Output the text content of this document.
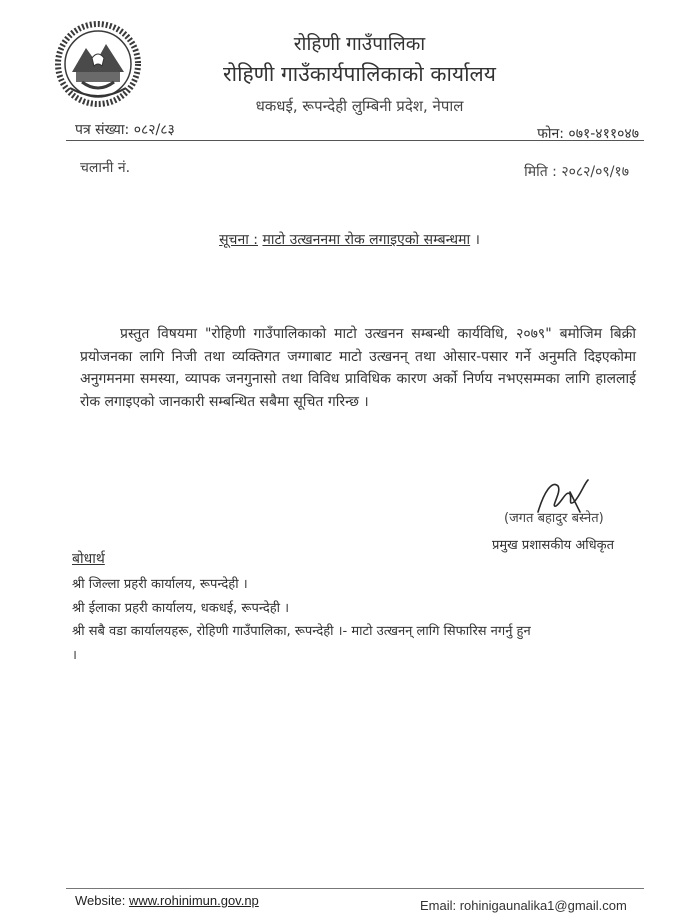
रोहिणी गाउँपालिका
रोहिणी गाउँकार्यपालिकाको कार्यालय
धकधई, रूपन्देही लुम्बिनी प्रदेश, नेपाल
पत्र संख्या: ०८२/८३	फोन: ०७१-४११०४७
चलानी नं.	मिति : २०८२/०९/१७
सूचना : माटो उत्खननमा रोक लगाइएको सम्बन्धमा ।
प्रस्तुत विषयमा "रोहिणी गाउँपालिकाको माटो उत्खनन सम्बन्धी कार्यविधि, २०७९" बमोजिम बिक्री प्रयोजनका लागि निजी तथा व्यक्तिगत जग्गाबाट माटो उत्खनन् तथा ओसार-पसार गर्ने अनुमति दिइएकोमा अनुगमनमा समस्या, व्यापक जनगुनासो तथा विविध प्राविधिक कारण अर्को निर्णय नभएसम्मका लागि हाललाई रोक लगाइएको जानकारी सम्बन्धित सबैमा सूचित गरिन्छ ।
(जगत बहादुर बस्नेत)
प्रमुख प्रशासकीय अधिकृत
बोधार्थ
श्री जिल्ला प्रहरी कार्यालय, रूपन्देही ।
श्री ईलाका प्रहरी कार्यालय, धकधई, रूपन्देही ।
श्री सबै वडा कार्यालयहरू, रोहिणी गाउँपालिका, रूपन्देही ।- माटो उत्खनन् लागि सिफारिस नगर्नु हुन
।
Website: www.rohinimun.gov.np	Email: rohinigaunalika1@gmail.com
